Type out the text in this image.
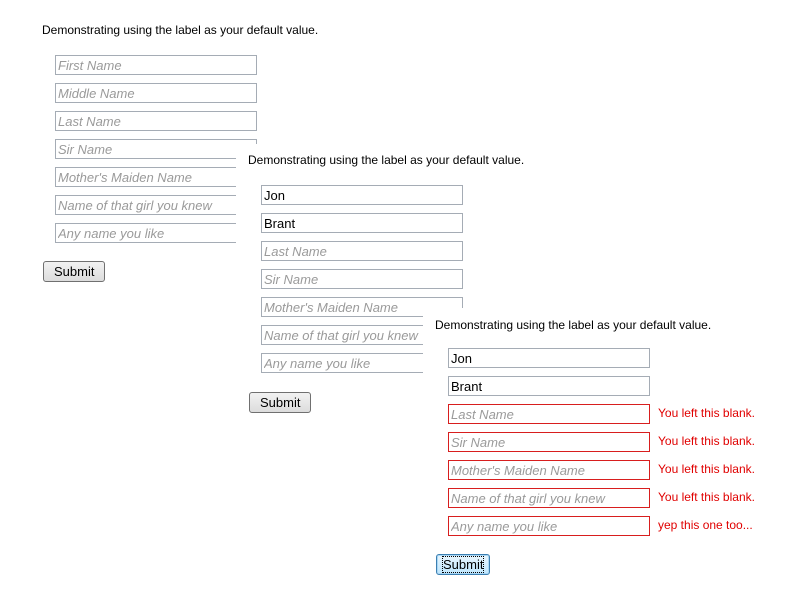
Demonstrating using the label as your default value.

First Name
Middle Name
Last Name
Sir Name
Mother's Maiden Name
Name of that girl you knew
Any name you like
Submit

Demonstrating using the label as your default value.

Jon
Brant
Sir Name
Mother's Maiden Name
Name of that girl you knew
Any name you like
Submit

Demonstrating using the label as your default value.

Jon
Brant
Last Name
You left this blank.
Sir Name
You left this blank.
Mother's Maiden Name
You left this blank.
Name of that girl you knew
You left this blank.
Any name you like
yep this one too...
Submit
